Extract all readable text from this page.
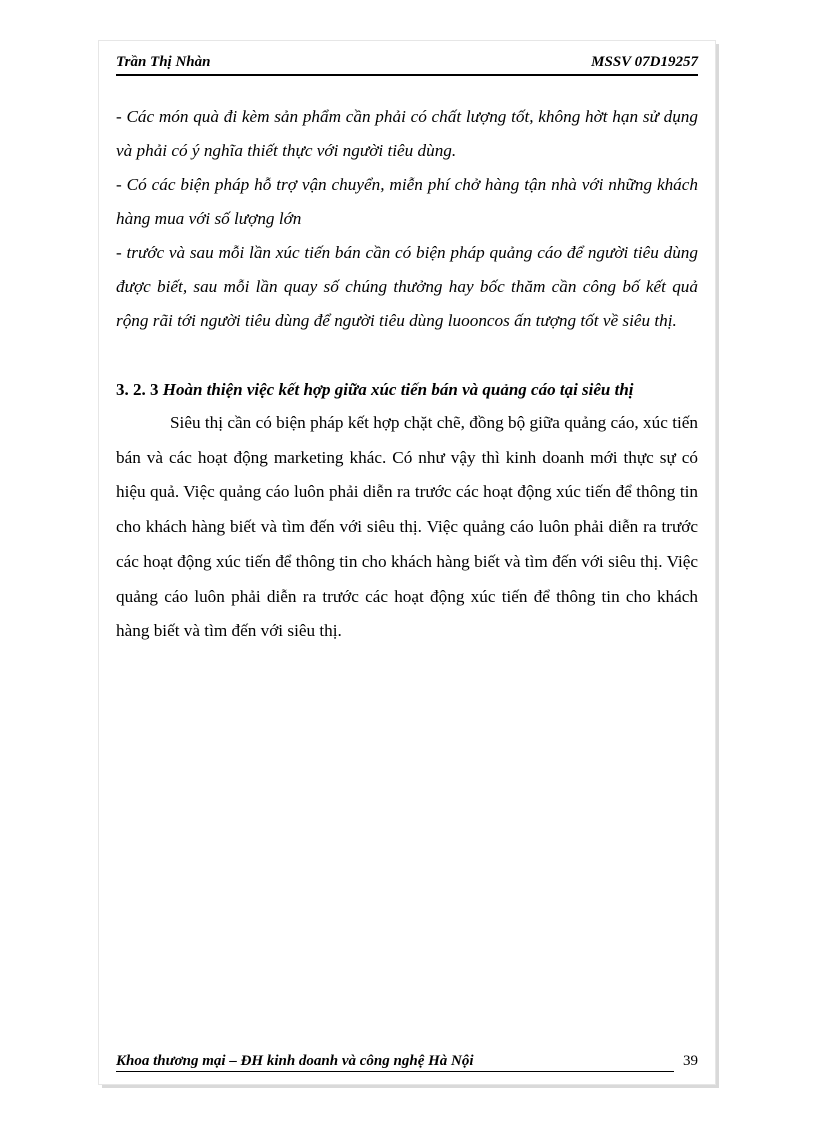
Trần Thị Nhàn	MSSV 07D19257

- Các món quà đi kèm sản phẩm cần phải có chất lượng tốt, không hờt hạn sử dụng và phải có ý nghĩa thiết thực với người tiêu dùng.

- Có các biện pháp hỗ trợ vận chuyển, miễn phí chở hàng tận nhà với những khách hàng mua với số lượng lớn

- trước và sau mỗi lần xúc tiến bán cần có biện pháp quảng cáo để người tiêu dùng được biết, sau mỗi lần quay số chúng thưởng hay bốc thăm cần công bố kết quả rộng rãi tới người tiêu dùng để người tiêu dùng luooncos ấn tượng tốt về siêu thị.

3. 2. 3 Hoàn thiện việc kết hợp giữa xúc tiến bán và quảng cáo tại siêu thị

Siêu thị cần có biện pháp kết hợp chặt chẽ, đồng bộ giữa quảng cáo, xúc tiến bán và các hoạt động marketing khác. Có như vậy thì kinh doanh mới thực sự có hiệu quả. Việc quảng cáo luôn phải diễn ra trước các hoạt động xúc tiến để thông tin cho khách hàng biết và tìm đến với siêu thị. Việc quảng cáo luôn phải diễn ra trước các hoạt động xúc tiến để thông tin cho khách hàng biết và tìm đến với siêu thị. Việc quảng cáo luôn phải diễn ra trước các hoạt động xúc tiến để thông tin cho khách hàng biết và tìm đến với siêu thị.

Khoa thương mại – ĐH kinh doanh và công nghệ Hà Nội	39
